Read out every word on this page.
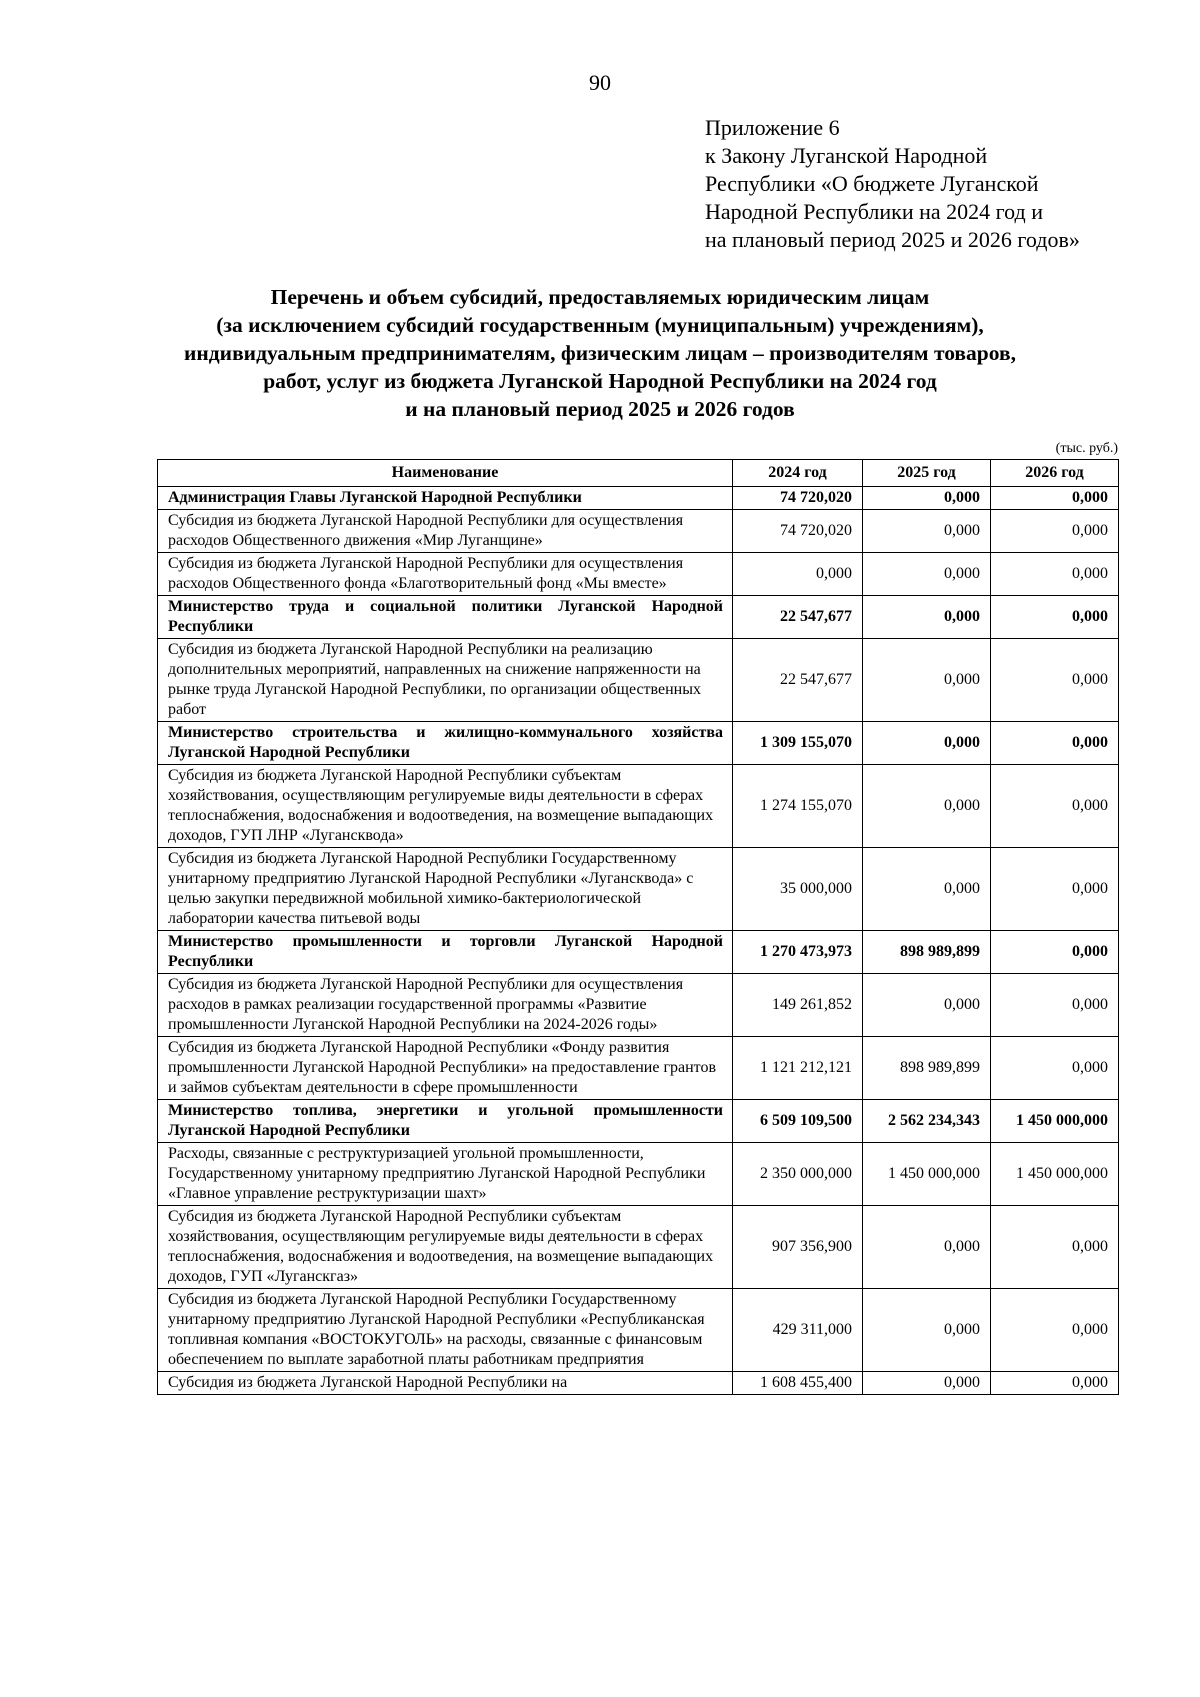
90
Приложение 6
к Закону Луганской Народной
Республики «О бюджете Луганской
Народной Республики на 2024 год и
на плановый период 2025 и 2026 годов»
Перечень и объем субсидий, предоставляемых юридическим лицам
(за исключением субсидий государственным (муниципальным) учреждениям),
индивидуальным предпринимателям, физическим лицам – производителям товаров,
работ, услуг из бюджета Луганской Народной Республики на 2024 год
и на плановый период 2025 и 2026 годов
(тыс. руб.)
Наименование	2024 год	2025 год	2026 год
Администрация Главы Луганской Народной Республики	74 720,020	0,000	0,000
Субсидия из бюджета Луганской Народной Республики для осуществления расходов Общественного движения «Мир Луганщине»	74 720,020	0,000	0,000
Субсидия из бюджета Луганской Народной Республики для осуществления расходов Общественного фонда «Благотворительный фонд «Мы вместе»	0,000	0,000	0,000
Министерство труда и социальной политики Луганской Народной Республики	22 547,677	0,000	0,000
Субсидия из бюджета Луганской Народной Республики на реализацию дополнительных мероприятий, направленных на снижение напряженности на рынке труда Луганской Народной Республики, по организации общественных работ	22 547,677	0,000	0,000
Министерство строительства и жилищно-коммунального хозяйства Луганской Народной Республики	1 309 155,070	0,000	0,000
Субсидия из бюджета Луганской Народной Республики субъектам хозяйствования, осуществляющим регулируемые виды деятельности в сферах теплоснабжения, водоснабжения и водоотведения, на возмещение выпадающих доходов, ГУП ЛНР «Лугансквода»	1 274 155,070	0,000	0,000
Субсидия из бюджета Луганской Народной Республики Государственному унитарному предприятию Луганской Народной Республики «Лугансквода» с целью закупки передвижной мобильной химико-бактериологической лаборатории качества питьевой воды	35 000,000	0,000	0,000
Министерство промышленности и торговли Луганской Народной Республики	1 270 473,973	898 989,899	0,000
Субсидия из бюджета Луганской Народной Республики для осуществления расходов в рамках реализации государственной программы «Развитие промышленности Луганской Народной Республики на 2024-2026 годы»	149 261,852	0,000	0,000
Субсидия из бюджета Луганской Народной Республики «Фонду развития промышленности Луганской Народной Республики» на предоставление грантов и займов субъектам деятельности в сфере промышленности	1 121 212,121	898 989,899	0,000
Министерство топлива, энергетики и угольной промышленности Луганской Народной Республики	6 509 109,500	2 562 234,343	1 450 000,000
Расходы, связанные с реструктуризацией угольной промышленности, Государственному унитарному предприятию Луганской Народной Республики «Главное управление реструктуризации шахт»	2 350 000,000	1 450 000,000	1 450 000,000
Субсидия из бюджета Луганской Народной Республики субъектам хозяйствования, осуществляющим регулируемые виды деятельности в сферах теплоснабжения, водоснабжения и водоотведения, на возмещение выпадающих доходов, ГУП «Луганскгаз»	907 356,900	0,000	0,000
Субсидия из бюджета Луганской Народной Республики Государственному унитарному предприятию Луганской Народной Республики «Республиканская топливная компания «ВОСТОКУГОЛЬ» на расходы, связанные с финансовым обеспечением по выплате заработной платы работникам предприятия	429 311,000	0,000	0,000
Субсидия из бюджета Луганской Народной Республики на	1 608 455,400	0,000	0,000
